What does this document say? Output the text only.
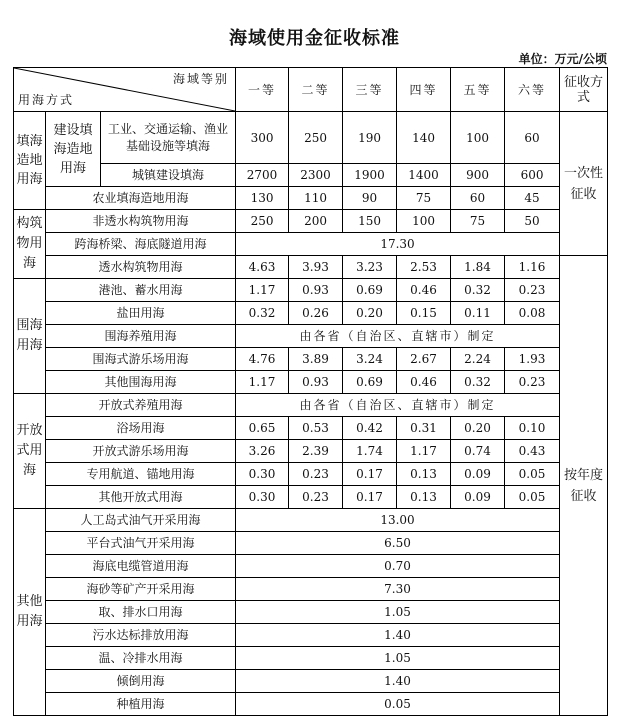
海域使用金征收标准
单位：万元/公顷
海域等别
用海方式			一等	二等	三等	四等	五等	六等	征收方式
填海造地用海	建设填海造地用海	工业、交通运输、渔业基础设施等填海	300	250	190	140	100	60	一次性征收
		城镇建设填海	2700	2300	1900	1400	900	600	
	农业填海造地用海		130	110	90	75	60	45	
构筑物用海	非透水构筑物用海		250	200	150	100	75	50	
	跨海桥梁、海底隧道用海		17.30						
	透水构筑物用海		4.63	3.93	3.23	2.53	1.84	1.16	按年度征收
围海用海	港池、蓄水用海		1.17	0.93	0.69	0.46	0.32	0.23	
	盐田用海		0.32	0.26	0.20	0.15	0.11	0.08	
	围海养殖用海		由各省（自治区、直辖市）制定						
	围海式游乐场用海		4.76	3.89	3.24	2.67	2.24	1.93	
	其他围海用海		1.17	0.93	0.69	0.46	0.32	0.23	
开放式用海	开放式养殖用海		由各省（自治区、直辖市）制定						
	浴场用海		0.65	0.53	0.42	0.31	0.20	0.10	
	开放式游乐场用海		3.26	2.39	1.74	1.17	0.74	0.43	
	专用航道、锚地用海		0.30	0.23	0.17	0.13	0.09	0.05	
	其他开放式用海		0.30	0.23	0.17	0.13	0.09	0.05	
其他用海	人工岛式油气开采用海		13.00						
	平台式油气开采用海		6.50						
	海底电缆管道用海		0.70						
	海砂等矿产开采用海		7.30						
	取、排水口用海		1.05						
	污水达标排放用海		1.40						
	温、冷排水用海		1.05						
	倾倒用海		1.40						
	种植用海		0.05						
